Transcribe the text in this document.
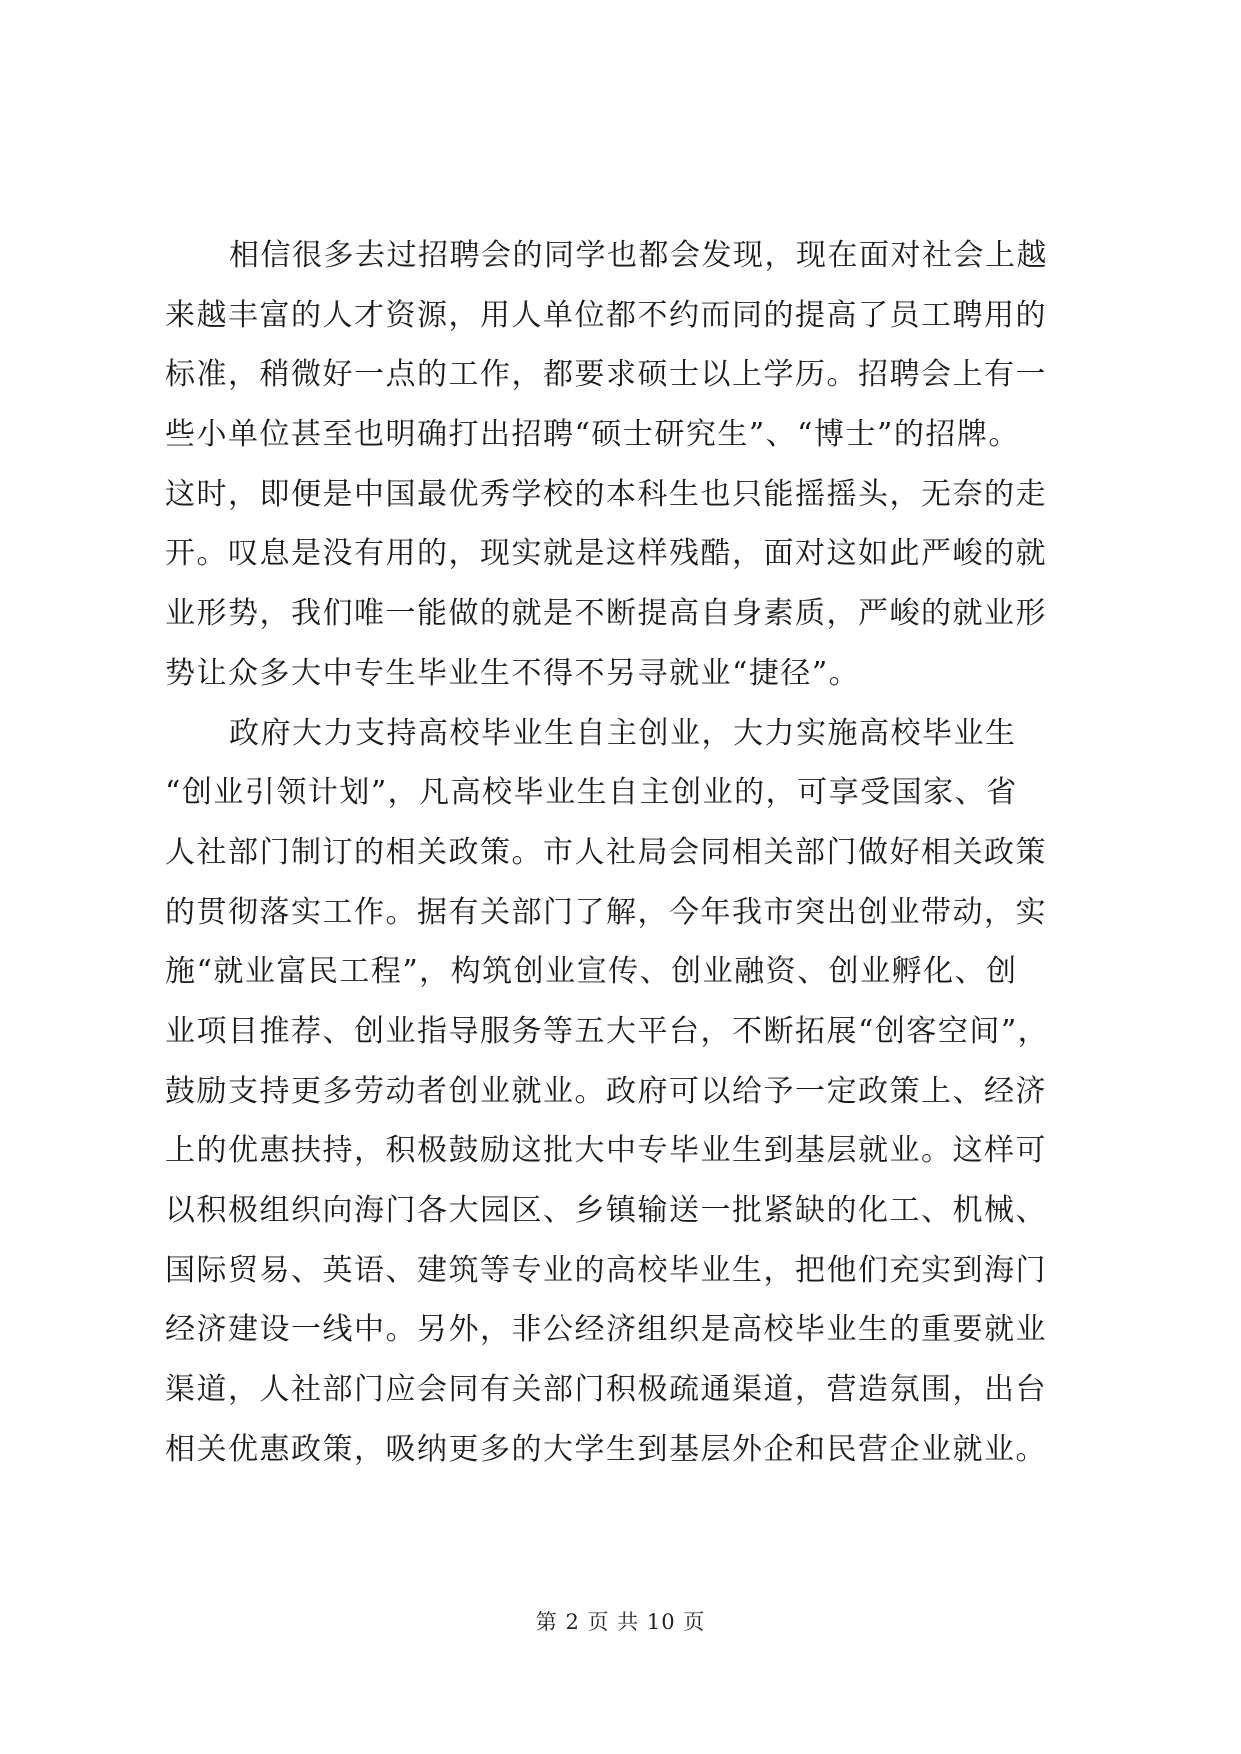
相信很多去过招聘会的同学也都会发现，现在面对社会上越
来越丰富的人才资源，用人单位都不约而同的提高了员工聘用的
标准，稍微好一点的工作，都要求硕士以上学历。招聘会上有一
些小单位甚至也明确打出招聘“硕士研究生”、“博士”的招牌。
这时，即便是中国最优秀学校的本科生也只能摇摇头，无奈的走
开。叹息是没有用的，现实就是这样残酷，面对这如此严峻的就
业形势，我们唯一能做的就是不断提高自身素质，严峻的就业形
势让众多大中专生毕业生不得不另寻就业“捷径”。
政府大力支持高校毕业生自主创业，大力实施高校毕业生
“创业引领计划”，凡高校毕业生自主创业的，可享受国家、省
人社部门制订的相关政策。市人社局会同相关部门做好相关政策
的贯彻落实工作。据有关部门了解，今年我市突出创业带动，实
施“就业富民工程”，构筑创业宣传、创业融资、创业孵化、创
业项目推荐、创业指导服务等五大平台，不断拓展“创客空间”，
鼓励支持更多劳动者创业就业。政府可以给予一定政策上、经济
上的优惠扶持，积极鼓励这批大中专毕业生到基层就业。这样可
以积极组织向海门各大园区、乡镇输送一批紧缺的化工、机械、
国际贸易、英语、建筑等专业的高校毕业生，把他们充实到海门
经济建设一线中。另外，非公经济组织是高校毕业生的重要就业
渠道，人社部门应会同有关部门积极疏通渠道，营造氛围，出台
相关优惠政策，吸纳更多的大学生到基层外企和民营企业就业。
第 2 页 共 10 页
